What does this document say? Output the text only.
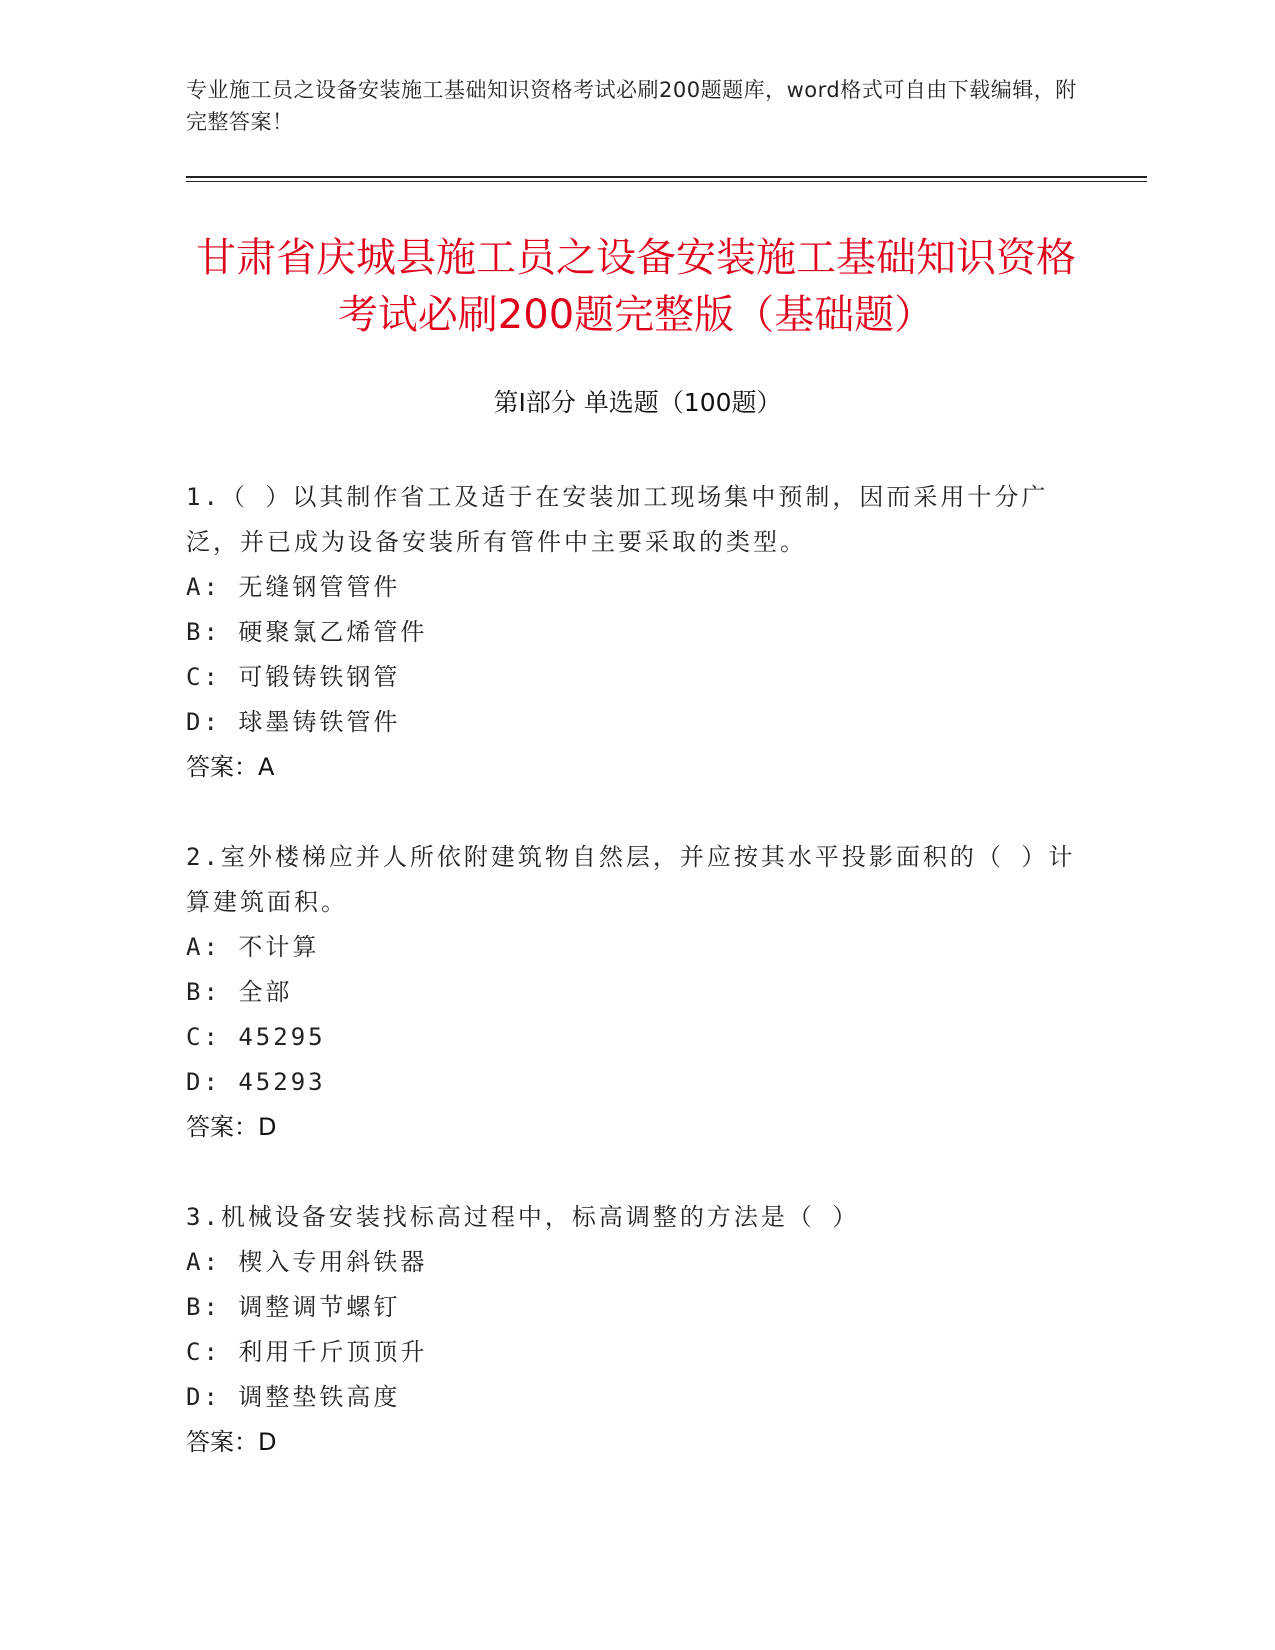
专业施工员之设备安装施工基础知识资格考试必刷200题题库，word格式可自由下载编辑，附完整答案！
甘肃省庆城县施工员之设备安装施工基础知识资格考试必刷200题完整版（基础题）
第I部分 单选题（100题）
1.（ ）以其制作省工及适于在安装加工现场集中预制，因而采用十分广泛，并已成为设备安装所有管件中主要采取的类型。
A: 无缝钢管管件
B: 硬聚氯乙烯管件
C: 可锻铸铁钢管
D: 球墨铸铁管件
答案：A
2.室外楼梯应并人所依附建筑物自然层，并应按其水平投影面积的（ ）计算建筑面积。
A: 不计算
B: 全部
C: 45295
D: 45293
答案：D
3.机械设备安装找标高过程中，标高调整的方法是（ ）
A: 楔入专用斜铁器
B: 调整调节螺钉
C: 利用千斤顶顶升
D: 调整垫铁高度
答案：D
